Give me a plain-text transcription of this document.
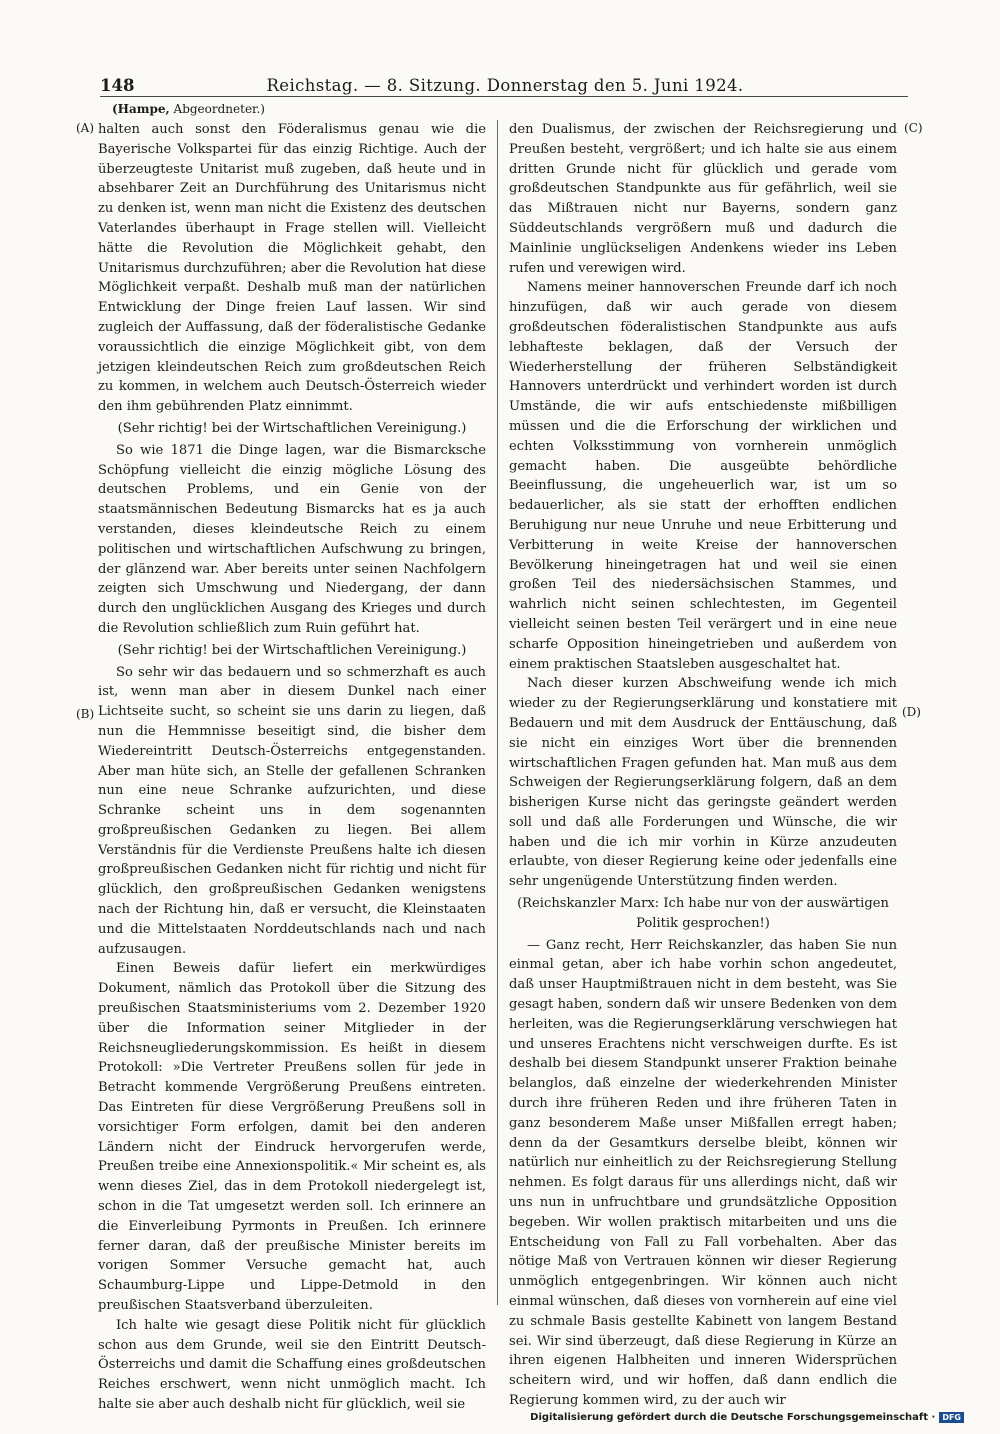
148	Reichstag. — 8. Sitzung. Donnerstag den 5. Juni 1924.
(Hampe, Abgeordneter.)
(A)
(B)
(C)
(D)

halten auch sonst den Föderalismus genau wie die Bayerische Volkspartei für das einzig Richtige. Auch der überzeugteste Unitarist muß zugeben, daß heute und in absehbarer Zeit an Durchführung des Unitarismus nicht zu denken ist, wenn man nicht die Existenz des deutschen Vaterlandes überhaupt in Frage stellen will. Vielleicht hätte die Revolution die Möglichkeit gehabt, den Unitarismus durchzuführen; aber die Revolution hat diese Möglichkeit verpaßt. Deshalb muß man der natürlichen Entwicklung der Dinge freien Lauf lassen. Wir sind zugleich der Auffassung, daß der föderalistische Gedanke voraussichtlich die einzige Möglichkeit gibt, von dem jetzigen kleindeutschen Reich zum großdeutschen Reich zu kommen, in welchem auch Deutsch-Österreich wieder den ihm gebührenden Platz einnimmt.

(Sehr richtig! bei der Wirtschaftlichen Vereinigung.)

So wie 1871 die Dinge lagen, war die Bismarcksche Schöpfung vielleicht die einzig mögliche Lösung des deutschen Problems, und ein Genie von der staatsmännischen Bedeutung Bismarcks hat es ja auch verstanden, dieses kleindeutsche Reich zu einem politischen und wirtschaftlichen Aufschwung zu bringen, der glänzend war. Aber bereits unter seinen Nachfolgern zeigten sich Umschwung und Niedergang, der dann durch den unglücklichen Ausgang des Krieges und durch die Revolution schließlich zum Ruin geführt hat.

(Sehr richtig! bei der Wirtschaftlichen Vereinigung.)

So sehr wir das bedauern und so schmerzhaft es auch ist, wenn man aber in diesem Dunkel nach einer Lichtseite sucht, so scheint sie uns darin zu liegen, daß nun die Hemmnisse beseitigt sind, die bisher dem Wiedereintritt Deutsch-Österreichs entgegenstanden. Aber man hüte sich, an Stelle der gefallenen Schranken nun eine neue Schranke aufzurichten, und diese Schranke scheint uns in dem sogenannten großpreußischen Gedanken zu liegen. Bei allem Verständnis für die Verdienste Preußens halte ich diesen großpreußischen Gedanken nicht für richtig und nicht für glücklich, den großpreußischen Gedanken wenigstens nach der Richtung hin, daß er versucht, die Kleinstaaten und die Mittelstaaten Norddeutschlands nach und nach aufzusaugen.

Einen Beweis dafür liefert ein merkwürdiges Dokument, nämlich das Protokoll über die Sitzung des preußischen Staatsministeriums vom 2. Dezember 1920 über die Information seiner Mitglieder in der Reichsneugliederungskommission. Es heißt in diesem Protokoll: »Die Vertreter Preußens sollen für jede in Betracht kommende Vergrößerung Preußens eintreten. Das Eintreten für diese Vergrößerung Preußens soll in vorsichtiger Form erfolgen, damit bei den anderen Ländern nicht der Eindruck hervorgerufen werde, Preußen treibe eine Annexionspolitik.« Mir scheint es, als wenn dieses Ziel, das in dem Protokoll niedergelegt ist, schon in die Tat umgesetzt werden soll. Ich erinnere an die Einverleibung Pyrmonts in Preußen. Ich erinnere ferner daran, daß der preußische Minister bereits im vorigen Sommer Versuche gemacht hat, auch Schaumburg-Lippe und Lippe-Detmold in den preußischen Staatsverband überzuleiten.

Ich halte wie gesagt diese Politik nicht für glücklich schon aus dem Grunde, weil sie den Eintritt Deutsch-Österreichs und damit die Schaffung eines großdeutschen Reiches erschwert, wenn nicht unmöglich macht. Ich halte sie aber auch deshalb nicht für glücklich, weil sie

den Dualismus, der zwischen der Reichsregierung und Preußen besteht, vergrößert; und ich halte sie aus einem dritten Grunde nicht für glücklich und gerade vom großdeutschen Standpunkte aus für gefährlich, weil sie das Mißtrauen nicht nur Bayerns, sondern ganz Süddeutschlands vergrößern muß und dadurch die Mainlinie unglückseligen Andenkens wieder ins Leben rufen und verewigen wird.

Namens meiner hannoverschen Freunde darf ich noch hinzufügen, daß wir auch gerade von diesem großdeutschen föderalistischen Standpunkte aus aufs lebhafteste beklagen, daß der Versuch der Wiederherstellung der früheren Selbständigkeit Hannovers unterdrückt und verhindert worden ist durch Umstände, die wir aufs entschiedenste mißbilligen müssen und die die Erforschung der wirklichen und echten Volksstimmung von vornherein unmöglich gemacht haben. Die ausgeübte behördliche Beeinflussung, die ungeheuerlich war, ist um so bedauerlicher, als sie statt der erhofften endlichen Beruhigung nur neue Unruhe und neue Erbitterung und Verbitterung in weite Kreise der hannoverschen Bevölkerung hineingetragen hat und weil sie einen großen Teil des niedersächsischen Stammes, und wahrlich nicht seinen schlechtesten, im Gegenteil vielleicht seinen besten Teil verärgert und in eine neue scharfe Opposition hineingetrieben und außerdem von einem praktischen Staatsleben ausgeschaltet hat.

Nach dieser kurzen Abschweifung wende ich mich wieder zu der Regierungserklärung und konstatiere mit Bedauern und mit dem Ausdruck der Enttäuschung, daß sie nicht ein einziges Wort über die brennenden wirtschaftlichen Fragen gefunden hat. Man muß aus dem Schweigen der Regierungserklärung folgern, daß an dem bisherigen Kurse nicht das geringste geändert werden soll und daß alle Forderungen und Wünsche, die wir haben und die ich mir vorhin in Kürze anzudeuten erlaubte, von dieser Regierung keine oder jedenfalls eine sehr ungenügende Unterstützung finden werden.

(Reichskanzler Marx: Ich habe nur von der auswärtigen Politik gesprochen!)

— Ganz recht, Herr Reichskanzler, das haben Sie nun einmal getan, aber ich habe vorhin schon angedeutet, daß unser Hauptmißtrauen nicht in dem besteht, was Sie gesagt haben, sondern daß wir unsere Bedenken von dem herleiten, was die Regierungserklärung verschwiegen hat und unseres Erachtens nicht verschweigen durfte. Es ist deshalb bei diesem Standpunkt unserer Fraktion beinahe belanglos, daß einzelne der wiederkehrenden Minister durch ihre früheren Reden und ihre früheren Taten in ganz besonderem Maße unser Mißfallen erregt haben; denn da der Gesamtkurs derselbe bleibt, können wir natürlich nur einheitlich zu der Reichsregierung Stellung nehmen. Es folgt daraus für uns allerdings nicht, daß wir uns nun in unfruchtbare und grundsätzliche Opposition begeben. Wir wollen praktisch mitarbeiten und uns die Entscheidung von Fall zu Fall vorbehalten. Aber das nötige Maß von Vertrauen können wir dieser Regierung unmöglich entgegenbringen. Wir können auch nicht einmal wünschen, daß dieses von vornherein auf eine viel zu schmale Basis gestellte Kabinett von langem Bestand sei. Wir sind überzeugt, daß diese Regierung in Kürze an ihren eigenen Halbheiten und inneren Widersprüchen scheitern wird, und wir hoffen, daß dann endlich die Regierung kommen wird, zu der auch wir

Digitalisierung gefördert durch die Deutsche Forschungsgemeinschaft · DFG
